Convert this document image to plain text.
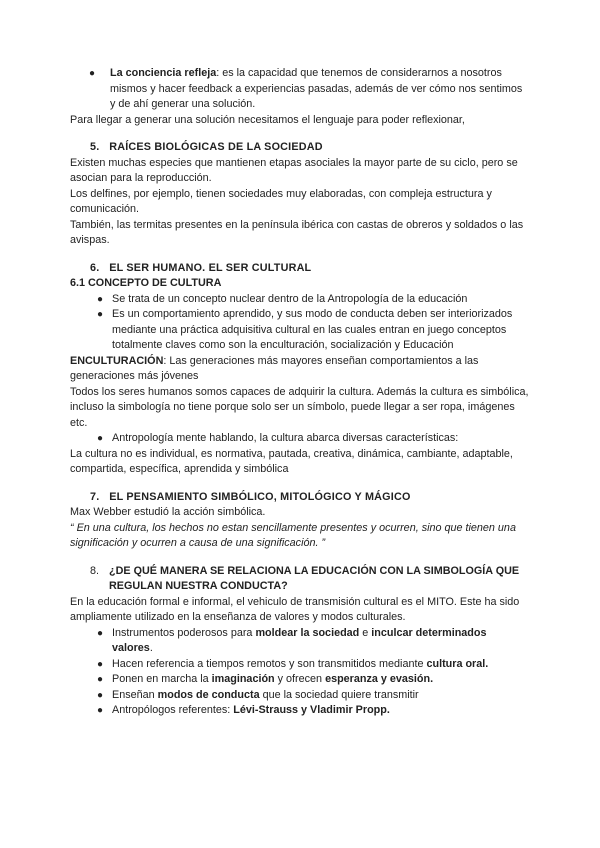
● La conciencia refleja: es la capacidad que tenemos de considerarnos a nosotros mismos y hacer feedback a experiencias pasadas, además de ver cómo nos sentimos y de ahí generar una solución.

Para llegar a generar una solución necesitamos el lenguaje para poder reflexionar,

5. RAÍCES BIOLÓGICAS DE LA SOCIEDAD

Existen muchas especies que mantienen etapas asociales la mayor parte de su ciclo, pero se asocian para la reproducción.

Los delfines, por ejemplo, tienen sociedades muy elaboradas, con compleja estructura y comunicación.

También, las termitas presentes en la península ibérica con castas de obreros y soldados o las avispas.

6. EL SER HUMANO. EL SER CULTURAL

6.1 CONCEPTO DE CULTURA

● Se trata de un concepto nuclear dentro de la Antropología de la educación
● Es un comportamiento aprendido, y sus modo de conducta deben ser interiorizados mediante una práctica adquisitiva cultural en las cuales entran en juego conceptos totalmente claves como son la enculturación, socialización y Educación

ENCULTURACIÓN: Las generaciones más mayores enseñan comportamientos a las generaciones más jóvenes

Todos los seres humanos somos capaces de adquirir la cultura. Además la cultura es simbólica, incluso la simbología no tiene porque solo ser un símbolo, puede llegar a ser ropa, imágenes etc.

● Antropología mente hablando, la cultura abarca diversas características:

La cultura no es individual, es normativa, pautada, creativa, dinámica, cambiante, adaptable, compartida, específica, aprendida y simbólica

7. EL PENSAMIENTO SIMBÓLICO, MITOLÓGICO Y MÁGICO

Max Webber estudió la acción simbólica.

“ En una cultura, los hechos no estan sencillamente presentes y ocurren, sino que tienen una significación y ocurren a causa de una significación. ”

8. ¿DE QUÉ MANERA SE RELACIONA LA EDUCACIÓN CON LA SIMBOLOGÍA QUE REGULAN NUESTRA CONDUCTA?

En la educación formal e informal, el vehiculo de transmisión cultural es el MITO. Este ha sido ampliamente utilizado en la enseñanza de valores y modos culturales.

● Instrumentos poderosos para moldear la sociedad e inculcar determinados valores.
● Hacen referencia a tiempos remotos y son transmitidos mediante cultura oral.
● Ponen en marcha la imaginación y ofrecen esperanza y evasión.
● Enseñan modos de conducta que la sociedad quiere transmitir
● Antropólogos referentes: Lévi-Strauss y Vladimir Propp.
